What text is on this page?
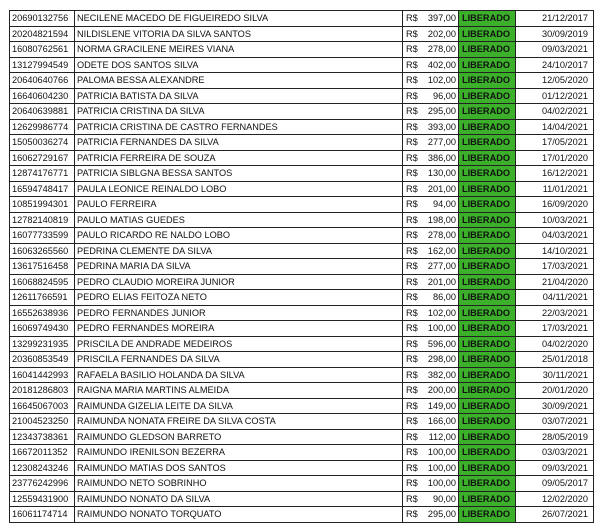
20690132756	NECILENE MACEDO DE FIGUEIREDO SILVA	R$	397,00	LIBERADO	21/12/2017
20204821594	NILDISLENE VITORIA DA SILVA SANTOS	R$	202,00	LIBERADO	30/09/2019
16080762561	NORMA GRACILENE MEIRES VIANA	R$	278,00	LIBERADO	09/03/2021
13127994549	ODETE DOS SANTOS SILVA	R$	402,00	LIBERADO	24/10/2017
20640640766	PALOMA BESSA ALEXANDRE	R$	102,00	LIBERADO	12/05/2020
16640604230	PATRICIA BATISTA DA SILVA	R$	96,00	LIBERADO	01/12/2021
20640639881	PATRICIA CRISTINA DA SILVA	R$	295,00	LIBERADO	04/02/2021
12629986774	PATRICIA CRISTINA DE CASTRO FERNANDES	R$	393,00	LIBERADO	14/04/2021
15050036274	PATRICIA FERNANDES DA SILVA	R$	277,00	LIBERADO	17/05/2021
16062729167	PATRICIA FERREIRA DE SOUZA	R$	386,00	LIBERADO	17/01/2020
12874176771	PATRICIA SIBLGNA BESSA SANTOS	R$	130,00	LIBERADO	16/12/2021
16594748417	PAULA LEONICE REINALDO LOBO	R$	201,00	LIBERADO	11/01/2021
10851994301	PAULO FERREIRA	R$	94,00	LIBERADO	16/09/2020
12782140819	PAULO MATIAS GUEDES	R$	198,00	LIBERADO	10/03/2021
16077733599	PAULO RICARDO RE NALDO LOBO	R$	278,00	LIBERADO	04/03/2021
16063265560	PEDRINA CLEMENTE DA SILVA	R$	162,00	LIBERADO	14/10/2021
13617516458	PEDRINA MARIA DA SILVA	R$	277,00	LIBERADO	17/03/2021
16068824595	PEDRO CLAUDIO MOREIRA JUNIOR	R$	201,00	LIBERADO	21/04/2020
12611766591	PEDRO ELIAS FEITOZA NETO	R$	86,00	LIBERADO	04/11/2021
16552638936	PEDRO FERNANDES JUNIOR	R$	102,00	LIBERADO	22/03/2021
16069749430	PEDRO FERNANDES MOREIRA	R$	100,00	LIBERADO	17/03/2021
13299231935	PRISCILA DE ANDRADE MEDEIROS	R$	596,00	LIBERADO	04/02/2020
20360853549	PRISCILA FERNANDES DA SILVA	R$	298,00	LIBERADO	25/01/2018
16041442993	RAFAELA BASILIO HOLANDA DA SILVA	R$	382,00	LIBERADO	30/11/2021
20181286803	RAIGNA MARIA MARTINS ALMEIDA	R$	200,00	LIBERADO	20/01/2020
16645067003	RAIMUNDA GIZELIA LEITE DA SILVA	R$	149,00	LIBERADO	30/09/2021
21004523250	RAIMUNDA NONATA FREIRE DA SILVA COSTA	R$	166,00	LIBERADO	03/07/2021
12343738361	RAIMUNDO GLEDSON BARRETO	R$	112,00	LIBERADO	28/05/2019
16672011352	RAIMUNDO IRENILSON BEZERRA	R$	100,00	LIBERADO	03/03/2021
12308243246	RAIMUNDO MATIAS DOS SANTOS	R$	100,00	LIBERADO	09/03/2021
23776242996	RAIMUNDO NETO SOBRINHO	R$	100,00	LIBERADO	09/05/2017
12559431900	RAIMUNDO NONATO DA SILVA	R$	90,00	LIBERADO	12/02/2020
16061174714	RAIMUNDO NONATO TORQUATO	R$	295,00	LIBERADO	26/07/2021
